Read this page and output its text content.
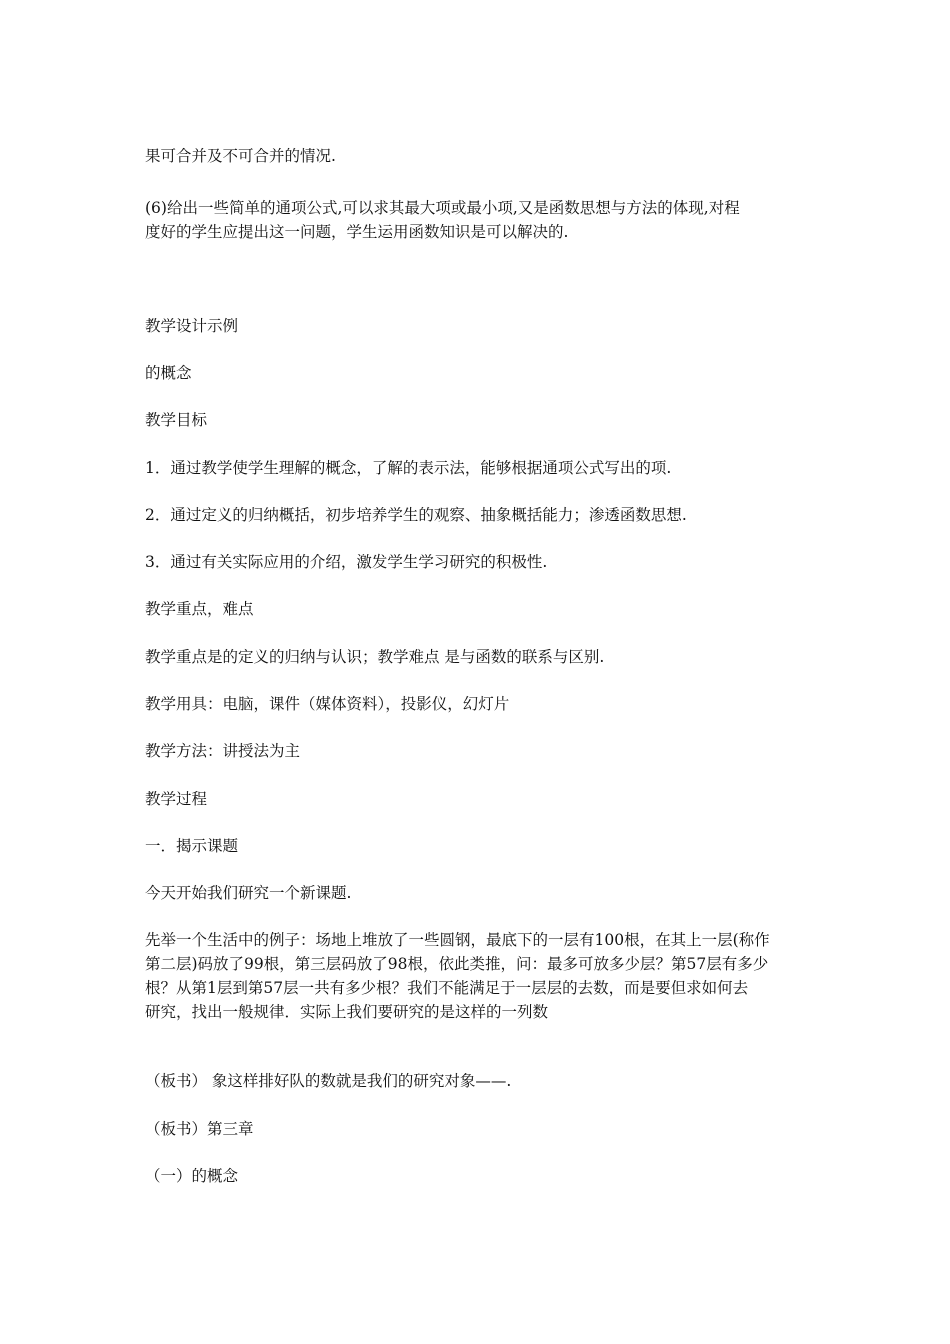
果可合并及不可合并的情况.

(6)给出一些简单的通项公式,可以求其最大项或最小项,又是函数思想与方法的体现,对程
度好的学生应提出这一问题，学生运用函数知识是可以解决的.

教学设计示例

的概念

教学目标

1．通过教学使学生理解的概念，了解的表示法，能够根据通项公式写出的项.

2．通过定义的归纳概括，初步培养学生的观察、抽象概括能力；渗透函数思想.

3．通过有关实际应用的介绍，激发学生学习研究的积极性.

教学重点，难点

教学重点是的定义的归纳与认识；教学难点 是与函数的联系与区别.

教学用具：电脑，课件（媒体资料），投影仪，幻灯片

教学方法：讲授法为主

教学过程

一．揭示课题

今天开始我们研究一个新课题.

先举一个生活中的例子：场地上堆放了一些圆钢，最底下的一层有100根，在其上一层(称作
第二层)码放了99根，第三层码放了98根，依此类推，问：最多可放多少层？第57层有多少
根？从第1层到第57层一共有多少根？我们不能满足于一层层的去数，而是要但求如何去
研究，找出一般规律．实际上我们要研究的是这样的一列数

（板书） 象这样排好队的数就是我们的研究对象——.

（板书）第三章

（一）的概念
